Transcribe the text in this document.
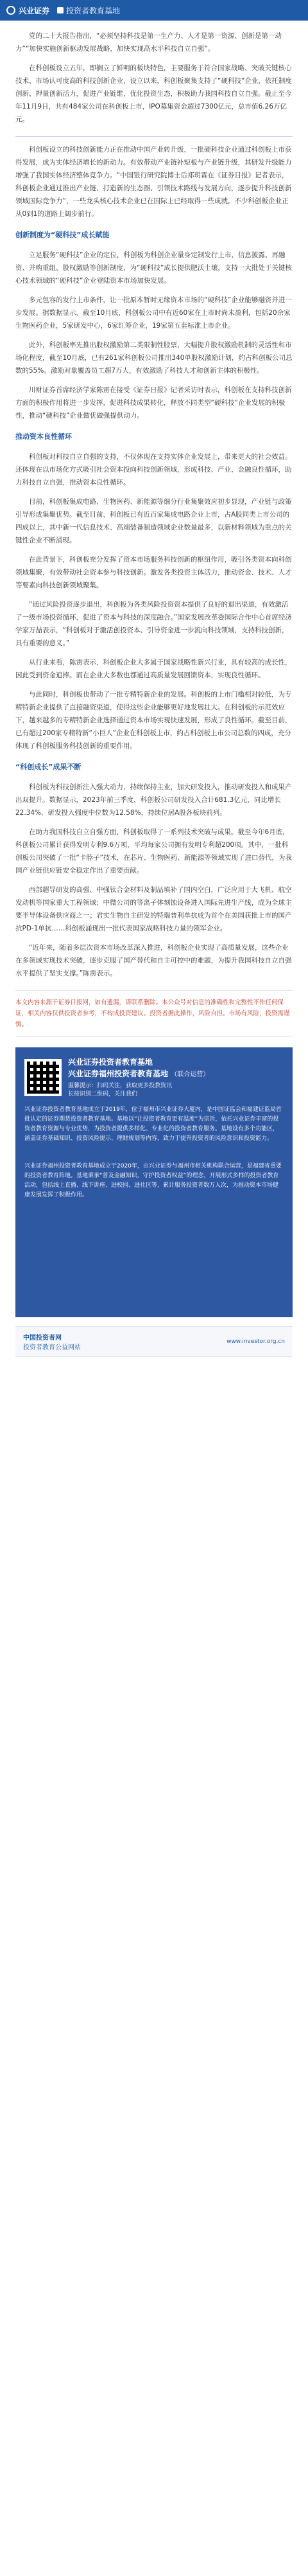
兴业证券 投资者教育基地

党的二十大报告指出，“必须坚持科技是第一生产力、人才是第一资源、创新是第一动力”“加快实施创新驱动发展战略，加快实现高水平科技自立自强”。

在科创板设立五年，即搁立了鲜明的板块特色，主要服务于符合国家战略、突破关键核心技术、市场认可度高的科技创新企业，设立以来，科创板聚集支持了“硬科技”企业，依托制度创新、押量创新活力，促进产业链维，优化投资生态，积极助力我国科技自立自强。截止至今年11月9日，共有484家公司在科创板上市，IPO募集资金超过7300亿元，总市值6.26万亿元。

科创板设立的科技创新能力正在推动中国产业转升级，一批硬科技企业通过科创板上市获得发展，成为实体经济增长的新动力。有效带动产业链补短板与产业链升级，其研发升级能力增强了我国实体经济整体竞争力。“中国银行研究院博士后郑玥霖在《证券日报》记者表示，科创板企业通过推出产业链、打造新的生态圈、引领技术路线与发展方向，逐步提升科技创新领域国际竞争力”，一些龙头核心技术企业已在国际上已经取得一些成就，不少科创板企业正从0到1的道路上阔步前行。

创新制度为“硬科技”成长赋能

立足服务“硬科技”企业的定位，科创板为科创企业量身定制发行上市、信息披露、再融资、并购重组、股权激励等创新制度，为“硬科技”成长提供肥沃土壤，支持一大批处于关键核心技术领域的“硬科技”企业登陆资本市场加快发展。

多元包容的发行上市条件，让一批原本暂时无缘资本市场的“硬科技”企业能够融资并进一步发展。据数据显示，截至10月底，科创板公司中有近60家在上市时尚未盈利，包括20余家生物医药企业，5家研发中心，6家红筹企业，19家第五套标准上市企业。

此外，科创板率先推出股权激励第二类限制性股票，大幅提升股权激励机制的灵活性和市场化程度，截至10月底，已有261家科创板公司推出340单股权激励计划，约占科创板公司总数的55%。激励对象覆盖员工超7万人，有效激励了科技人才和创新主体的积极性。

川财证券首席经济学家陈雳在接受《证券日报》记者采访时表示，科创板在支持科技创新方面的积极作用将进一步发挥，促进科技成果转化，释放不同类型“硬科技”企业发展的积极性，推动“硬科技”企业做优做强提供动力。

推动资本良性循环

科创板对科技自立自强的支持，不仅体现在支持实体企业发展上，带来更大的社会效益。还体现在以市场化方式吸引社会资本投向科技创新领域，形成科技、产业、金融良性循环，助力科技自立自强，推动资本良性循环。

目前，科创板集成电路、生物医药、新能源等细分行业集聚效应初步显现，产业链与政策引导形成集聚优势。截至目前，科创板已有近百家集成电路企业上市，占A股同类上市公司的四成以上，其中新一代信息技术、高端装备制造领域企业数量最多，以新材料领域为重点的关键性企业不断涌现。

在此背景下，科创板充分发挥了资本市场服务科技创新的枢纽作用，吸引各类资本向科创领域集聚，有效带动社会资本参与科技创新。激发各类投资主体活力，推动资金、技术、人才等要素向科技创新领域聚集。

“通过风险投资逐步退出，科创板为各类风险投资资本提供了良好的退出渠道，有效激活了一级市场投资循环，促进了资本与科技的深度融合。”国家发展改革委国际合作中心首席经济学家万喆表示，“科创板对于激活创投资本、引导资金进一步流向科技领域，支持科技创新，具有重要的意义。”

从行业来看，陈雳表示，科创板企业大多属于国家战略性新兴行业，具有较高的成长性，因此受到资金追捧。而在企业大多数也都通过高质量发展回馈资本，实现良性循环。

与此同时，科创板也带动了一批专精特新企业的发展。科创板的上市门槛相对较低，为专精特新企业提供了直接融资渠道，使得这些企业能够更好地发展壮大。在科创板的示范效应下，越来越多的专精特新企业选择通过资本市场实现快速发展，形成了良性循环。截至目前，已有超过200家专精特新“小巨人”企业在科创板上市，约占科创板上市公司总数的四成，充分体现了科创板服务科技创新的重要作用。

“科创成长”成果不断

科创板为科技创新注入强大动力，持续保持主业，加大研发投入，推动研发投入和成果产出双提升。数据显示，2023年前三季度，科创板公司研发投入合计681.3亿元，同比增长22.34%，研发投入强度中位数为12.58%，持续位居A股各板块前列。

在助力我国科技自立自强方面，科创板取得了一系列技术突破与成果。截至今年6月底，科创板公司累计获得发明专利9.6万项，平均每家公司拥有发明专利超200项。其中，一批科创板公司突破了一批“卡脖子”技术，在芯片、生物医药、新能源等领域实现了进口替代，为我国产业链供应链安全稳定作出了重要贡献。

西部超导研发的高强、中强钛合金材料及制品填补了国内空白，广泛应用于大飞机、航空发动机等国家重大工程领域；中微公司的等离子体刻蚀设备进入国际先进生产线，成为全球主要半导体设备供应商之一；君实生物自主研发的特瑞普利单抗成为首个在美国获批上市的国产抗PD-1单抗……科创板涌现出一批代表国家战略科技力量的领军企业。

“近年来，随着多层次资本市场改革深入推进，科创板企业实现了高质量发展，这些企业在多领域实现技术突破，逐步克服了国产替代和自主可控中的难题，为提升我国科技自立自强水平提供了坚实支撑。”陈雳表示。

本文内容来源于证券日报网，如有遗漏，请联系删除。本公众号对信息的准确性和完整性不作任何保证，相关内容仅供投资者参考，不构成投资建议。投资者据此操作，风险自担。市场有风险，投资需谨慎。
兴业证券投资者教育基地
兴业证券福州投资者教育基地 （联合运营）
温馨提示：扫码关注，获取更多投教资讯
长按识别二维码，关注我们

兴业证券投资者教育基地成立于2019年，位于福州市兴业证券大厦内，是中国证监会和福建证监局首批认定的证券期货投资者教育基地。基地以“让投资者教育更有温度”为宗旨，依托兴业证券丰富的投资者教育资源与专业优势，为投资者提供多样化、专业化的投资者教育服务。基地设有多个功能区，涵盖证券基础知识、投资风险提示、理财规划等内容，致力于提升投资者的风险意识和投资能力。

兴业证券福州投资者教育基地成立于2020年，由兴业证券与福州市相关机构联合运营，是福建省重要的投资者教育阵地。基地秉承“普及金融知识，守护投资者权益”的理念，开展形式多样的投资者教育活动，包括线上直播、线下讲座、进校园、进社区等，累计服务投资者数万人次，为推动资本市场健康发展发挥了积极作用。

中国投资者网
投资者教育公益网站
www.investor.org.cn
